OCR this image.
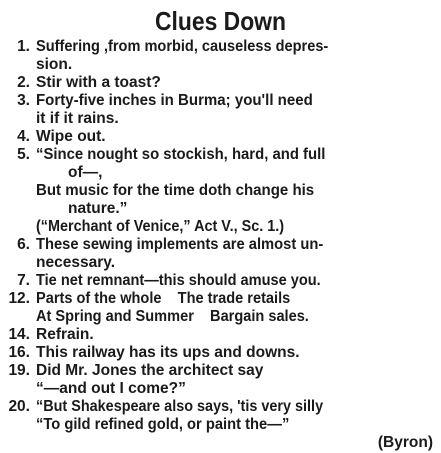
Clues Down
1. Suffering ,from morbid, causeless depres-
sion.
2. Stir with a toast?
3. Forty-five inches in Burma; you'll need
it if it rains.
4. Wipe out.
5. “Since nought so stockish, hard, and full
of—,
But music for the time doth change his
nature.”
(“Merchant of Venice,” Act V., Sc. 1.)
6. These sewing implements are almost un-
necessary.
7. Tie net remnant—this should amuse you.
12. Parts of the whole    The trade retails
At Spring and Summer    Bargain sales.
14. Refrain.
16. This railway has its ups and downs.
19. Did Mr. Jones the architect say
“—and out I come?”
20. “But Shakespeare also says, 'tis very silly
“To gild refined gold, or paint the—”
(Byron)
